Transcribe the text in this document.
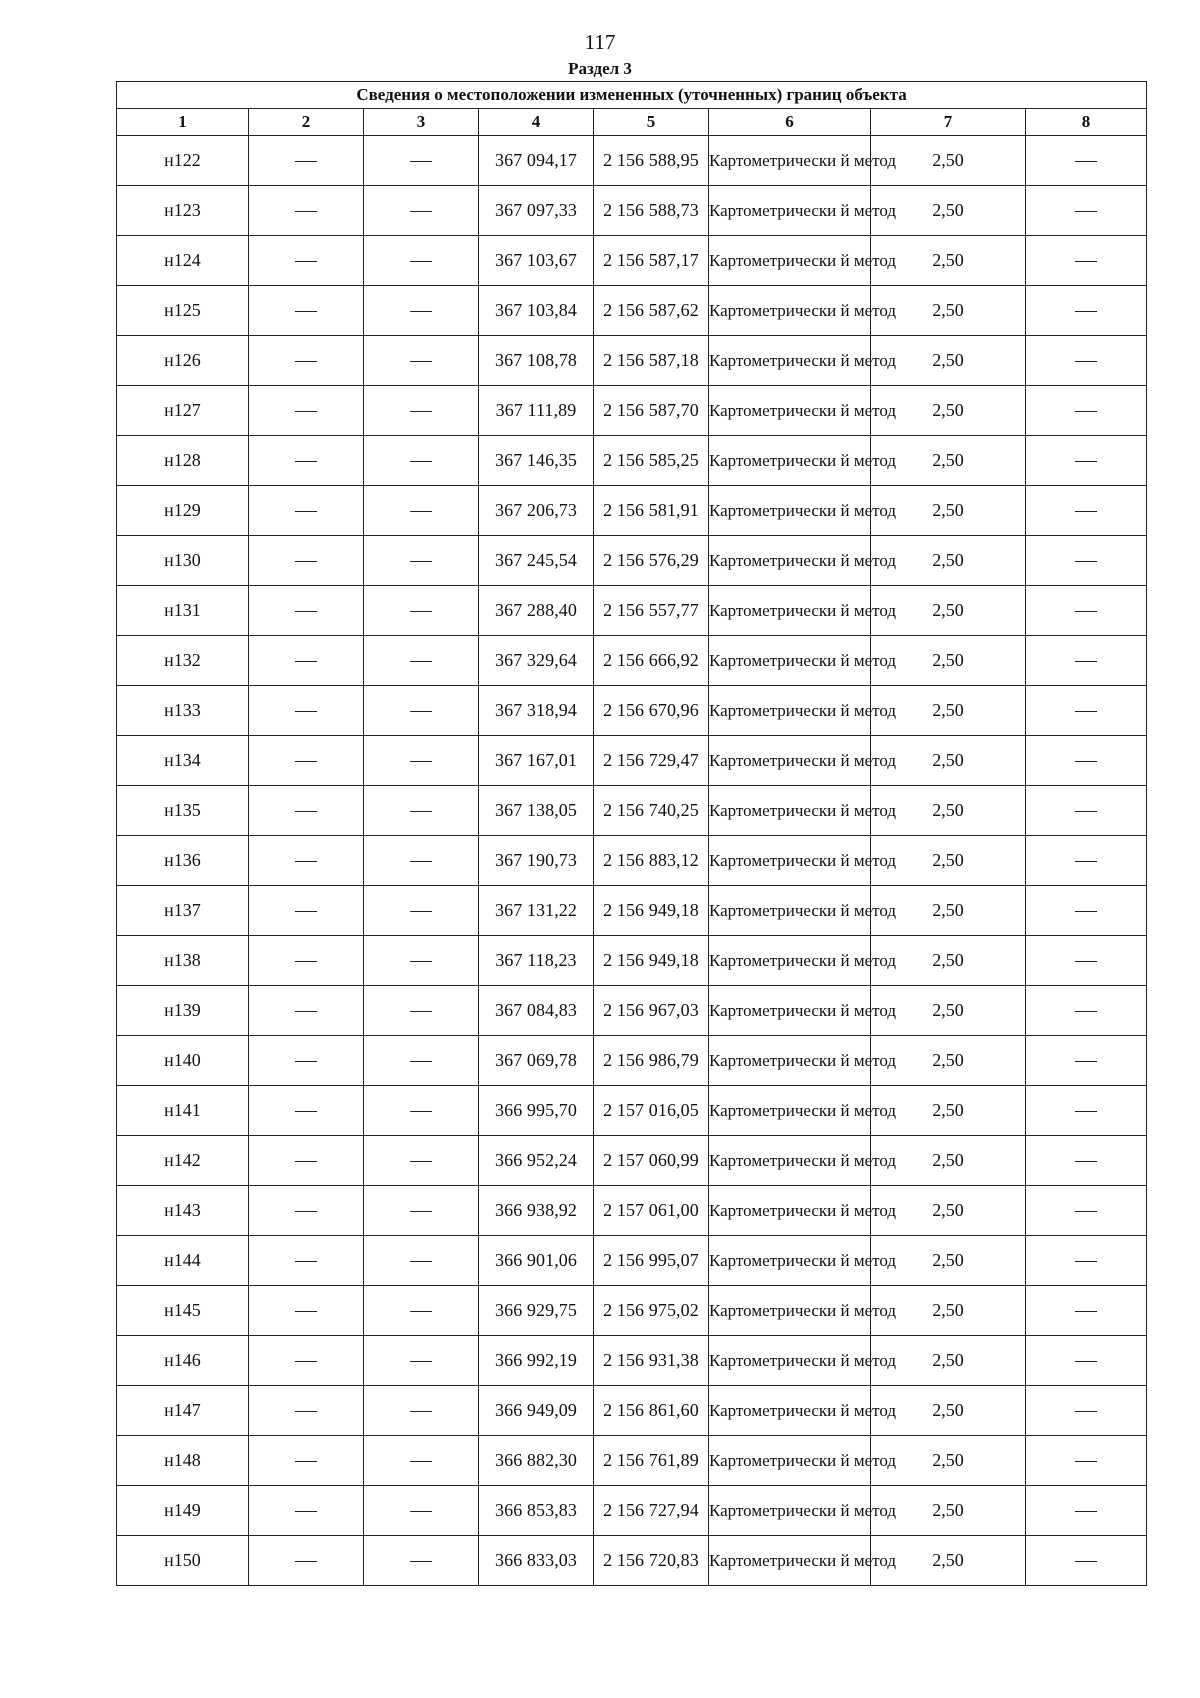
117
Раздел 3
Сведения о местоположении измененных (уточненных) границ объекта							
1	2	3	4	5	6	7	8
н122			367 094,17	2 156 588,95	Картометрически й метод	2,50	
н123			367 097,33	2 156 588,73	Картометрически й метод	2,50	
н124			367 103,67	2 156 587,17	Картометрически й метод	2,50	
н125			367 103,84	2 156 587,62	Картометрически й метод	2,50	
н126			367 108,78	2 156 587,18	Картометрически й метод	2,50	
н127			367 111,89	2 156 587,70	Картометрически й метод	2,50	
н128			367 146,35	2 156 585,25	Картометрически й метод	2,50	
н129			367 206,73	2 156 581,91	Картометрически й метод	2,50	
н130			367 245,54	2 156 576,29	Картометрически й метод	2,50	
н131			367 288,40	2 156 557,77	Картометрически й метод	2,50	
н132			367 329,64	2 156 666,92	Картометрически й метод	2,50	
н133			367 318,94	2 156 670,96	Картометрически й метод	2,50	
н134			367 167,01	2 156 729,47	Картометрически й метод	2,50	
н135			367 138,05	2 156 740,25	Картометрически й метод	2,50	
н136			367 190,73	2 156 883,12	Картометрически й метод	2,50	
н137			367 131,22	2 156 949,18	Картометрически й метод	2,50	
н138			367 118,23	2 156 949,18	Картометрически й метод	2,50	
н139			367 084,83	2 156 967,03	Картометрически й метод	2,50	
н140			367 069,78	2 156 986,79	Картометрически й метод	2,50	
н141			366 995,70	2 157 016,05	Картометрически й метод	2,50	
н142			366 952,24	2 157 060,99	Картометрически й метод	2,50	
н143			366 938,92	2 157 061,00	Картометрически й метод	2,50	
н144			366 901,06	2 156 995,07	Картометрически й метод	2,50	
н145			366 929,75	2 156 975,02	Картометрически й метод	2,50	
н146			366 992,19	2 156 931,38	Картометрически й метод	2,50	
н147			366 949,09	2 156 861,60	Картометрически й метод	2,50	
н148			366 882,30	2 156 761,89	Картометрически й метод	2,50	
н149			366 853,83	2 156 727,94	Картометрически й метод	2,50	
н150			366 833,03	2 156 720,83	Картометрически й метод	2,50	
